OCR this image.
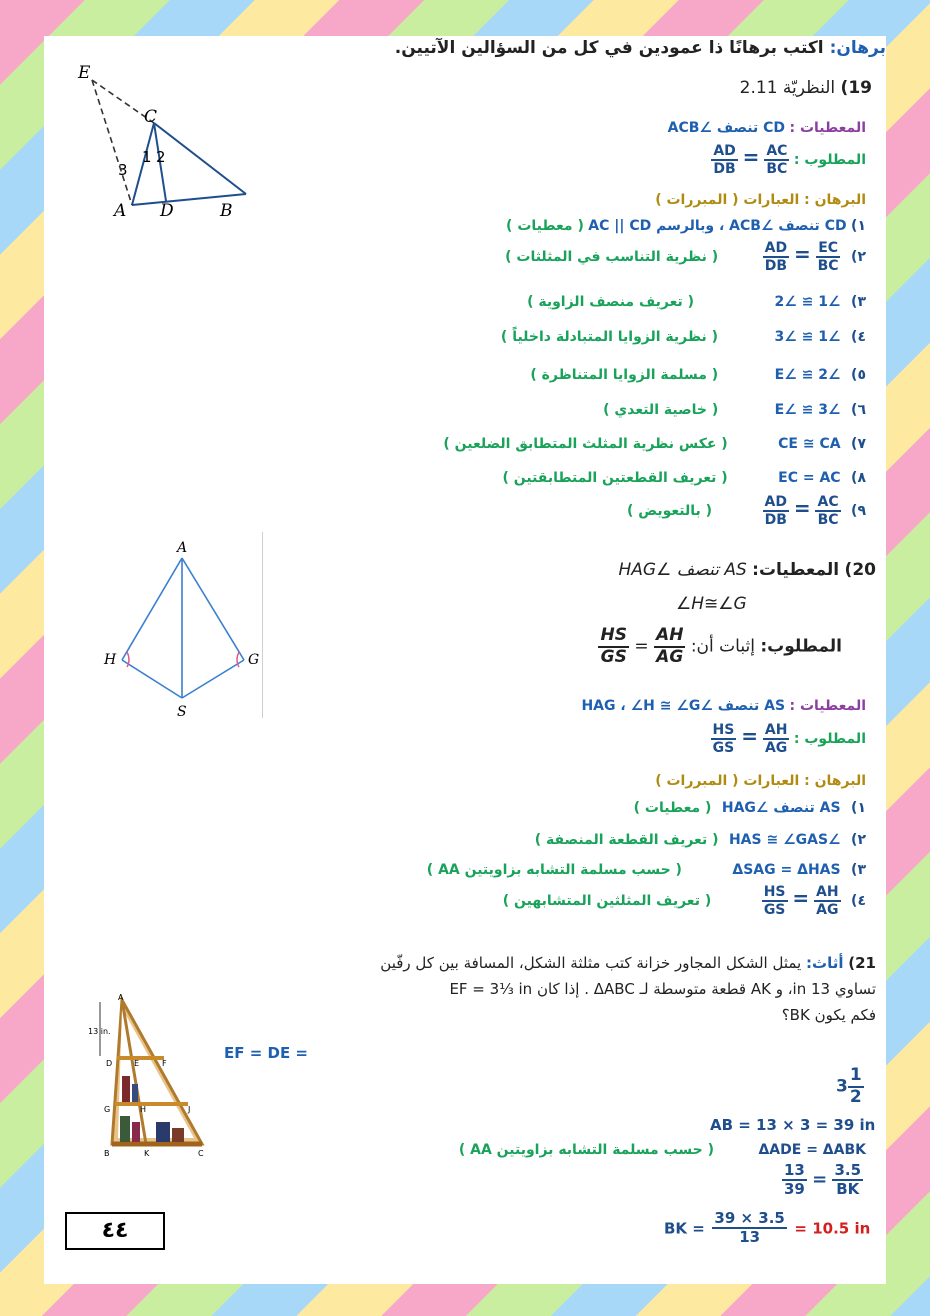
برهان: اكتب برهانًا ذا عمودين في كل من السؤالين الآتيين.
E
C
A D	B
1 2
3
19) النظريّة 2.11
المعطيات : CD تنصف ∠ACB
المطلوب :
$\frac{AD}{DB} = \frac{AC}{BC}$
البرهان : العبارات ( المبررات )
١) CD تنصف ∠ACB ، وبالرسم AC || CD ( معطيات )
٢)
$\frac{AD}{DB} = \frac{EC}{BC}$
( نظرية التناسب في المثلثات )
٣) ∠1 ≅ ∠2 ( تعريف منصف الزاوية )
٤) ∠1 ≅ ∠3 ( نظرية الزوايا المتبادلة داخلياً )
٥) ∠2 ≅ ∠E ( مسلمة الزوايا المتناظرة )
٦) ∠3 ≅ ∠E ( خاصية التعدي )
٧) CE ≅ CA ( عكس نظرية المثلث المتطابق الضلعين )
٨) EC = AC ( تعريف القطعتين المتطابقتين )
٩)
$\frac{AD}{DB} = \frac{AC}{BC}$
( بالتعويض )
A
H	G
S
20) المعطيات: AS تنصف ∠HAG
∠H≅∠G
المطلوب: إثبات أن:
$\frac{HS}{GS} = \frac{AH}{AG}$
المعطيات : AS تنصف ∠HAG ، ∠H ≅ ∠G
المطلوب :
$\frac{HS}{GS} = \frac{AH}{AG}$
البرهان : العبارات ( المبررات )
١) AS تنصف ∠HAG ( معطيات )
٢) ∠HAS ≅ ∠GAS ( تعريف القطعة المنصفة )
٣) ΔSAG = ΔHAS ( حسب مسلمة التشابه بزاويتين AA )
٤)
$\frac{HS}{GS} = \frac{AH}{AG}$
( تعريف المثلثين المتشابهين )
21) أثاث: يمثل الشكل المجاور خزانة كتب مثلثة الشكل، المسافة بين كل رفّين
تساوي 13 in، و AK قطعة متوسطة لـ ΔABC . إذا كان EF = 3⅓ in
فكم يكون BK؟
13 in.
A
D	E	F
G	H	J
B	K	C
EF = DE =
$3 \frac{1}{2}$
AB = 13 × 3 = 39 in
ΔADE = ΔABK ( حسب مسلمة التشابه بزاويتين AA )
$\frac{13}{39} = \frac{3.5}{BK}$
BK = $\frac{39 \times 3.5}{13} = 10.5$ in
٤٤
